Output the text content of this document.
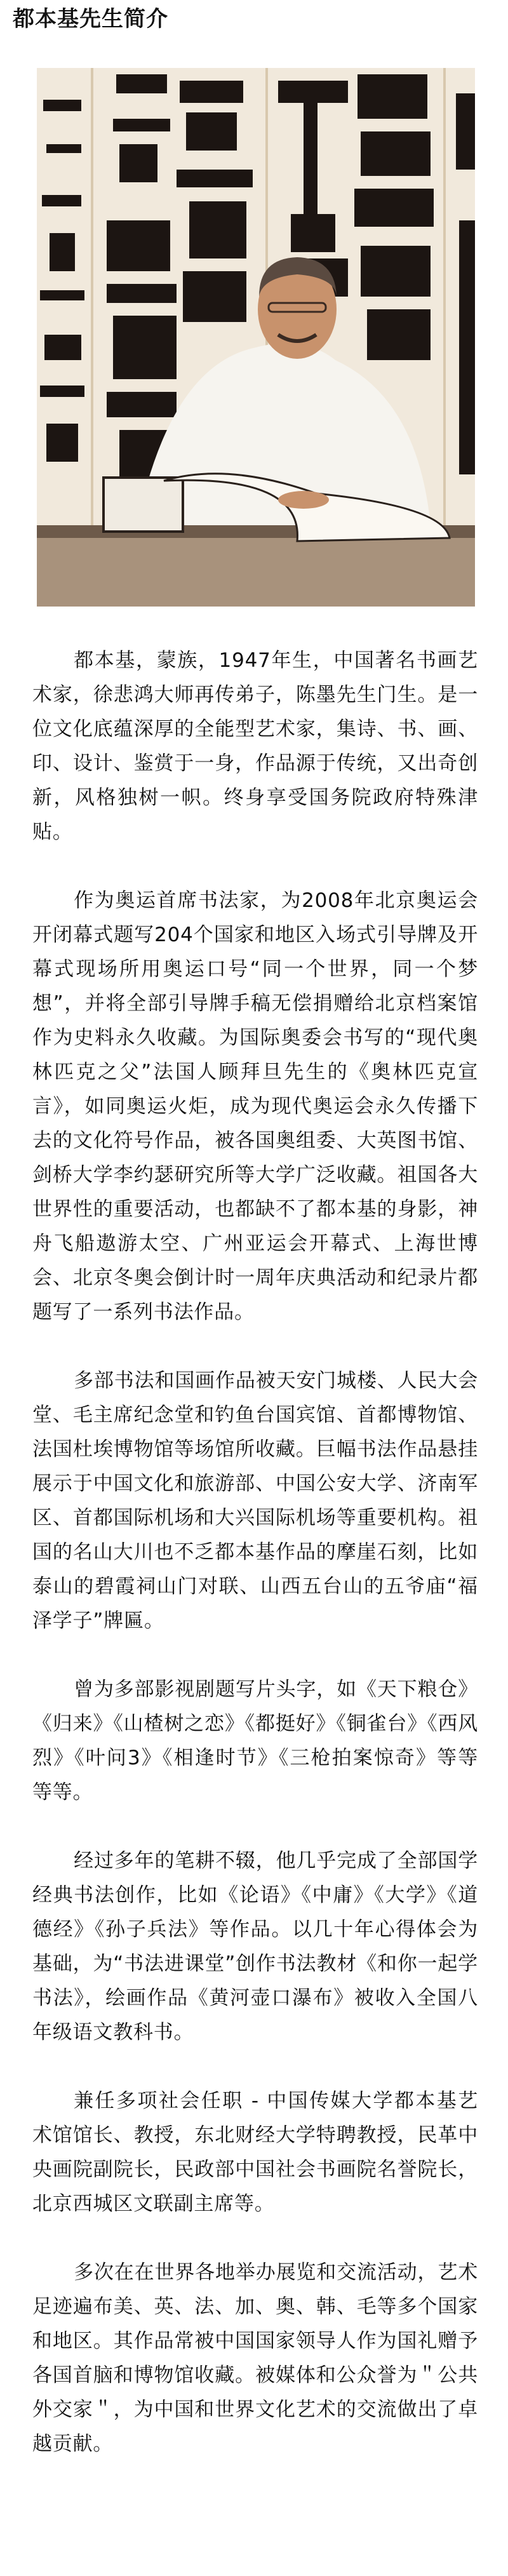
都本基先生简介

都本基，蒙族，1947年生，中国著名书画艺术家，徐悲鸿大师再传弟子，陈墨先生门生。是一位文化底蕴深厚的全能型艺术家，集诗、书、画、印、设计、鉴赏于一身，作品源于传统，又出奇创新，风格独树一帜。终身享受国务院政府特殊津贴。

作为奥运首席书法家，为2008年北京奥运会开闭幕式题写204个国家和地区入场式引导牌及开幕式现场所用奥运口号“同一个世界，同一个梦想”，并将全部引导牌手稿无偿捐赠给北京档案馆作为史料永久收藏。为国际奥委会书写的“现代奥林匹克之父”法国人顾拜旦先生的《奥林匹克宣言》，如同奥运火炬，成为现代奥运会永久传播下去的文化符号作品，被各国奥组委、大英图书馆、剑桥大学李约瑟研究所等大学广泛收藏。祖国各大世界性的重要活动，也都缺不了都本基的身影，神舟飞船遨游太空、广州亚运会开幕式、上海世博会、北京冬奥会倒计时一周年庆典活动和纪录片都题写了一系列书法作品。

多部书法和国画作品被天安门城楼、人民大会堂、毛主席纪念堂和钓鱼台国宾馆、首都博物馆、法国杜埃博物馆等场馆所收藏。巨幅书法作品悬挂展示于中国文化和旅游部、中国公安大学、济南军区、首都国际机场和大兴国际机场等重要机构。祖国的名山大川也不乏都本基作品的摩崖石刻，比如泰山的碧霞祠山门对联、山西五台山的五爷庙“福泽学子”牌匾。

曾为多部影视剧题写片头字，如《天下粮仓》《归来》《山楂树之恋》《都挺好》《铜雀台》《西风烈》《叶问3》《相逢时节》《三枪拍案惊奇》等等等等。

经过多年的笔耕不辍，他几乎完成了全部国学经典书法创作，比如《论语》《中庸》《大学》《道德经》《孙子兵法》等作品。以几十年心得体会为基础，为“书法进课堂”创作书法教材《和你一起学书法》，绘画作品《黄河壶口瀑布》被收入全国八年级语文教科书。

兼任多项社会任职 - 中国传媒大学都本基艺术馆馆长、教授，东北财经大学特聘教授，民革中央画院副院长，民政部中国社会书画院名誉院长，北京西城区文联副主席等。

多次在在世界各地举办展览和交流活动，艺术足迹遍布美、英、法、加、奥、韩、毛等多个国家和地区。其作品常被中国国家领导人作为国礼赠予各国首脑和博物馆收藏。被媒体和公众誉为＂公共外交家＂，为中国和世界文化艺术的交流做出了卓越贡献。
